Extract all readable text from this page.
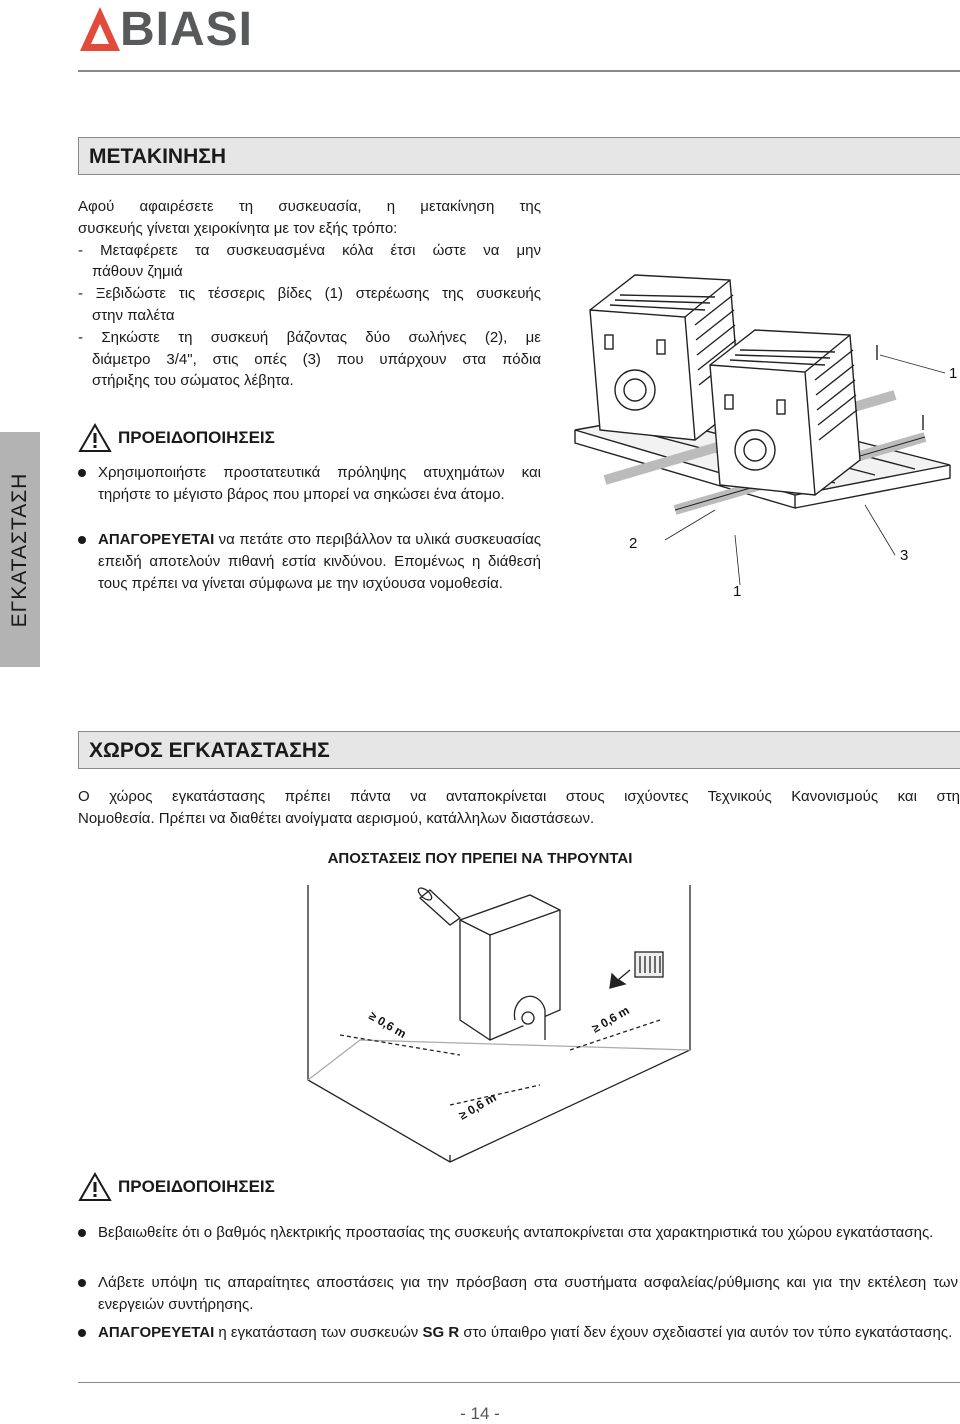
BIASI
ΜΕΤΑΚΙΝΗΣΗ
Αφού αφαιρέσετε τη συσκευασία, η μετακίνηση της
συσκευής γίνεται χειροκίνητα με τον εξής τρόπο:
- Μεταφέρετε τα συσκευασμένα κόλα έτσι ώστε να μην
πάθουν ζημιά
- Ξεβιδώστε τις τέσσερις βίδες (1) στερέωσης της συσκευής
στην παλέτα
- Σηκώστε τη συσκευή βάζοντας δύο σωλήνες (2), με
διάμετρο 3/4", στις οπές (3) που υπάρχουν στα πόδια
στήριξης του σώματος λέβητα.
ΠΡΟΕΙΔΟΠΟΙΗΣΕΙΣ
Χρησιμοποιήστε προστατευτικά πρόληψης ατυχημάτων και τηρήστε το μέγιστο βάρος που μπορεί να σηκώσει ένα άτομο.
ΑΠΑΓΟΡΕΥΕΤΑΙ να πετάτε στο περιβάλλον τα υλικά συσκευασίας επειδή αποτελούν πιθανή εστία κινδύνου. Επομένως η διάθεσή τους πρέπει να γίνεται σύμφωνα με την ισχύουσα νομοθεσία.
1
2
1
3
ΕΓΚΑΤΑΣΤΑΣΗ
ΧΩΡΟΣ ΕΓΚΑΤΑΣΤΑΣΗΣ
Ο χώρος εγκατάστασης πρέπει πάντα να ανταποκρίνεται στους ισχύοντες Τεχνικούς Κανονισμούς και στη
Νομοθεσία. Πρέπει να διαθέτει ανοίγματα αερισμού, κατάλληλων διαστάσεων.
ΑΠΟΣΤΑΣΕΙΣ ΠΟΥ ΠΡΕΠΕΙ ΝΑ ΤΗΡΟΥΝΤΑΙ
≥ 0,6 m	≥ 0,6 m
≥ 0,6 m
ΠΡΟΕΙΔΟΠΟΙΗΣΕΙΣ
Βεβαιωθείτε ότι ο βαθμός ηλεκτρικής προστασίας της συσκευής ανταποκρίνεται στα χαρακτηριστικά του χώρου εγκατάστασης.
Λάβετε υπόψη τις απαραίτητες αποστάσεις για την πρόσβαση στα συστήματα ασφαλείας/ρύθμισης και για την εκτέλεση των ενεργειών συντήρησης.
ΑΠΑΓΟΡΕΥΕΤΑΙ η εγκατάσταση των συσκευών SG R στο ύπαιθρο γιατί δεν έχουν σχεδιαστεί για αυτόν τον τύπο εγκατάστασης.
- 14 -
